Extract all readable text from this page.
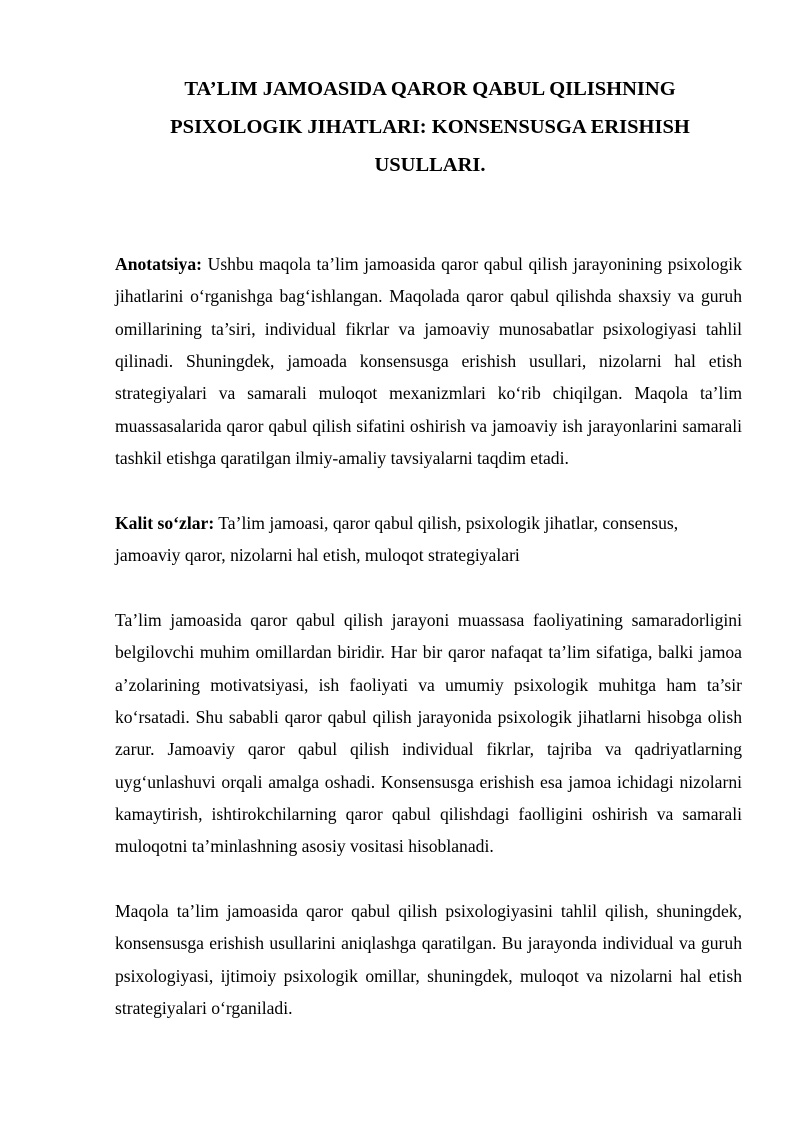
TA’LIM JAMOASIDA QAROR QABUL QILISHNING
PSIXOLOGIK JIHATLARI: KONSENSUSGA ERISHISH
USULLARI.

Anotatsiya: Ushbu maqola ta’lim jamoasida qaror qabul qilish jarayonining psixologik jihatlarini o‘rganishga bag‘ishlangan. Maqolada qaror qabul qilishda shaxsiy va guruh omillarining ta’siri, individual fikrlar va jamoaviy munosabatlar psixologiyasi tahlil qilinadi. Shuningdek, jamoada konsensusga erishish usullari, nizolarni hal etish strategiyalari va samarali muloqot mexanizmlari ko‘rib chiqilgan. Maqola ta’lim muassasalarida qaror qabul qilish sifatini oshirish va jamoaviy ish jarayonlarini samarali tashkil etishga qaratilgan ilmiy-amaliy tavsiyalarni taqdim etadi.

Kalit so‘zlar: Ta’lim jamoasi, qaror qabul qilish, psixologik jihatlar, consensus,
jamoaviy qaror, nizolarni hal etish, muloqot strategiyalari

Ta’lim jamoasida qaror qabul qilish jarayoni muassasa faoliyatining samaradorligini belgilovchi muhim omillardan biridir. Har bir qaror nafaqat ta’lim sifatiga, balki jamoa a’zolarining motivatsiyasi, ish faoliyati va umumiy psixologik muhitga ham ta’sir ko‘rsatadi. Shu sababli qaror qabul qilish jarayonida psixologik jihatlarni hisobga olish zarur. Jamoaviy qaror qabul qilish individual fikrlar, tajriba va qadriyatlarning uyg‘unlashuvi orqali amalga oshadi. Konsensusga erishish esa jamoa ichidagi nizolarni kamaytirish, ishtirokchilarning qaror qabul qilishdagi faolligini oshirish va samarali muloqotni ta’minlashning asosiy vositasi hisoblanadi.

Maqola ta’lim jamoasida qaror qabul qilish psixologiyasini tahlil qilish, shuningdek, konsensusga erishish usullarini aniqlashga qaratilgan. Bu jarayonda individual va guruh psixologiyasi, ijtimoiy psixologik omillar, shuningdek, muloqot va nizolarni hal etish strategiyalari o‘rganiladi.
